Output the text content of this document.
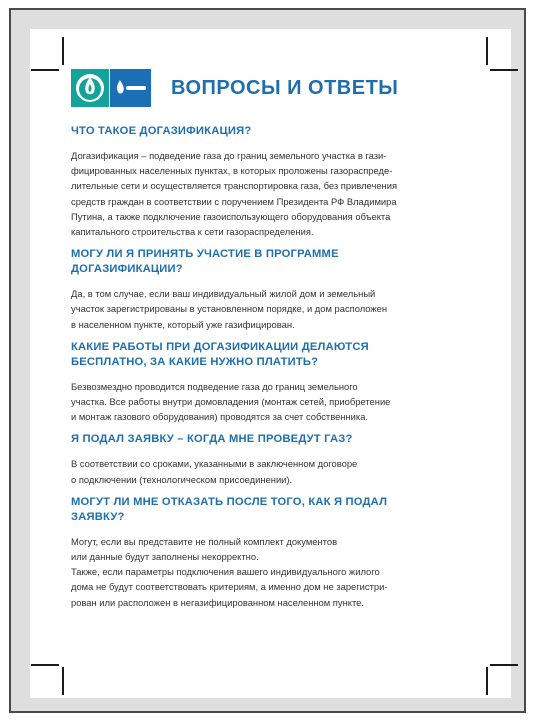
ВОПРОСЫ И ОТВЕТЫ
ЧТО ТАКОЕ ДОГАЗИФИКАЦИЯ?
Догазификация – подведение газа до границ земельного участка в гази-
фицированных населенных пунктах, в которых проложены газораспреде-
лительные сети и осуществляется транспортировка газа, без привлечения
средств граждан в соответствии с поручением Президента РФ Владимира
Путина, а также подключение газоиспользующего оборудования объекта
капитального строительства к сети газораспределения.
МОГУ ЛИ Я ПРИНЯТЬ УЧАСТИЕ В ПРОГРАММЕ
ДОГАЗИФИКАЦИИ?
Да, в том случае, если ваш индивидуальный жилой дом и земельный
участок зарегистрированы в установленном порядке, и дом расположен
в населенном пункте, который уже газифицирован.
КАКИЕ РАБОТЫ ПРИ ДОГАЗИФИКАЦИИ ДЕЛАЮТСЯ
БЕСПЛАТНО, ЗА КАКИЕ НУЖНО ПЛАТИТЬ?
Безвозмездно проводится подведение газа до границ земельного
участка. Все работы внутри домовладения (монтаж сетей, приобретение
и монтаж газового оборудования) проводятся за счет собственника.
Я ПОДАЛ ЗАЯВКУ – КОГДА МНЕ ПРОВЕДУТ ГАЗ?
В соответствии со сроками, указанными в заключенном договоре
о подключении (технологическом присоединении).
МОГУТ ЛИ МНЕ ОТКАЗАТЬ ПОСЛЕ ТОГО, КАК Я ПОДАЛ
ЗАЯВКУ?
Могут, если вы представите не полный комплект документов
или данные будут заполнены некорректно.
Также, если параметры подключения вашего индивидуального жилого
дома не будут соответствовать критериям, а именно дом не зарегистри-
рован или расположен в негазифицированном населенном пункте.
